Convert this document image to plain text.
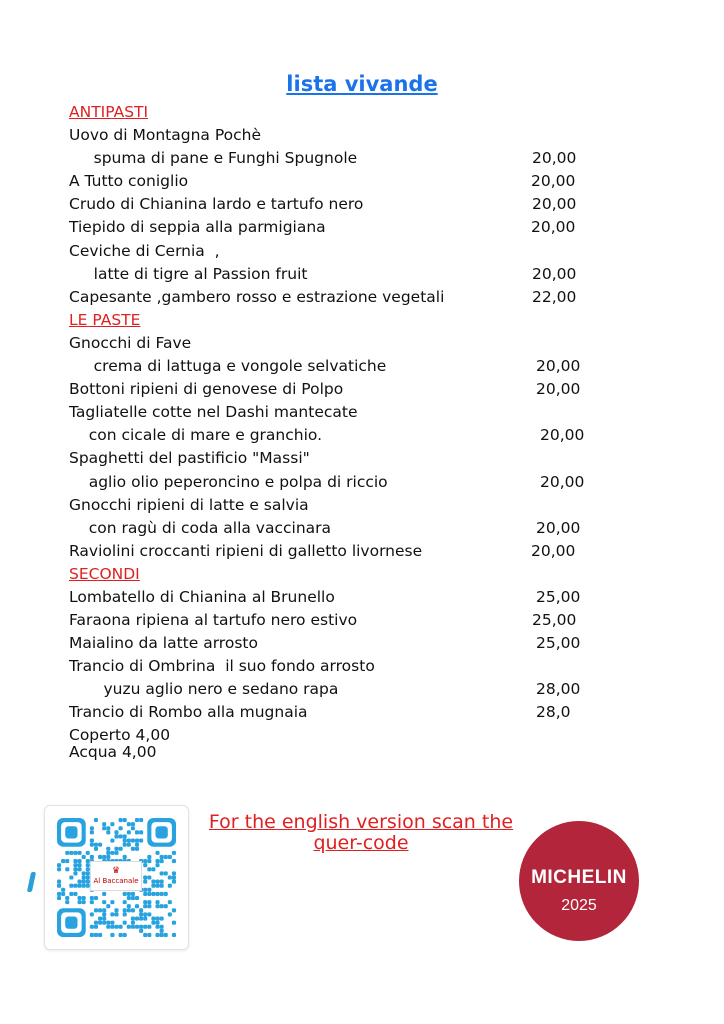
lista vivande
ANTIPASTI
Uovo di Montagna Pochè
spuma di pane e Funghi Spugnole	20,00
A Tutto coniglio	20,00
Crudo di Chianina lardo e tartufo nero	20,00
Tiepido di seppia alla parmigiana	20,00
Ceviche di Cernia  ,
latte di tigre al Passion fruit	20,00
Capesante ,gambero rosso e estrazione vegetali	22,00
LE PASTE
Gnocchi di Fave
crema di lattuga e vongole selvatiche	20,00
Bottoni ripieni di genovese di Polpo	20,00
Tagliatelle cotte nel Dashi mantecate
con cicale di mare e granchio.	20,00
Spaghetti del pastificio "Massi"
aglio olio peperoncino e polpa di riccio	20,00
Gnocchi ripieni di latte e salvia
con ragù di coda alla vaccinara	20,00
Raviolini croccanti ripieni di galletto livornese	20,00
SECONDI
Lombatello di Chianina al Brunello	25,00
Faraona ripiena al tartufo nero estivo	25,00
Maialino da latte arrosto	25,00
Trancio di Ombrina  il suo fondo arrosto
yuzu aglio nero e sedano rapa	28,00
Trancio di Rombo alla mugnaia	28,0
Coperto 4,00
Acqua 4,00
♛
Al Baccanale
For the english version scan the quer-code
MICHELIN
2025
